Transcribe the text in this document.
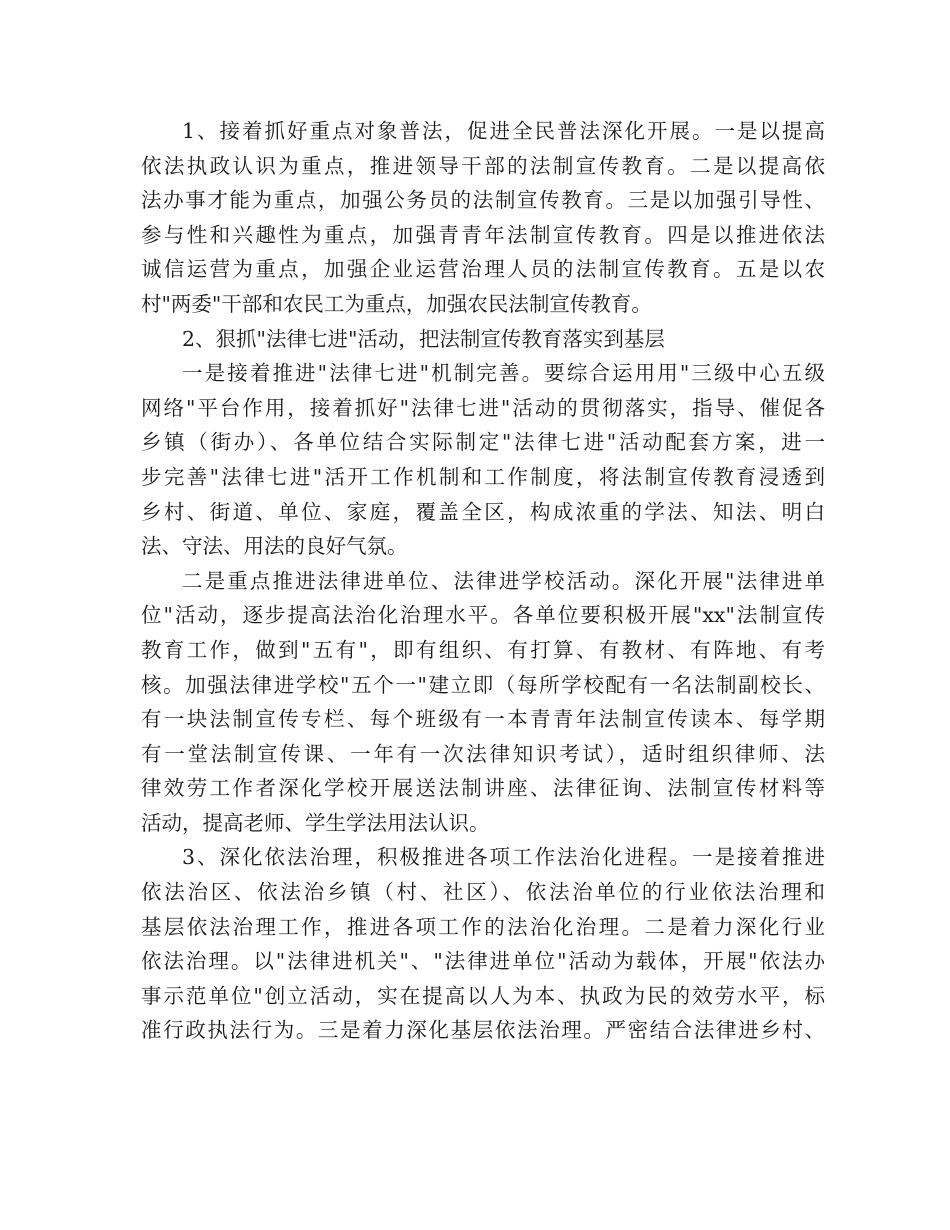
1、接着抓好重点对象普法，促进全民普法深化开展。一是以提高
依法执政认识为重点，推进领导干部的法制宣传教育。二是以提高依
法办事才能为重点，加强公务员的法制宣传教育。三是以加强引导性、
参与性和兴趣性为重点，加强青青年法制宣传教育。四是以推进依法
诚信运营为重点，加强企业运营治理人员的法制宣传教育。五是以农
村"两委"干部和农民工为重点，加强农民法制宣传教育。
2、狠抓"法律七进"活动，把法制宣传教育落实到基层
一是接着推进"法律七进"机制完善。要综合运用用"三级中心五级
网络"平台作用，接着抓好"法律七进"活动的贯彻落实，指导、催促各
乡镇（街办）、各单位结合实际制定"法律七进"活动配套方案，进一
步完善"法律七进"活开工作机制和工作制度，将法制宣传教育浸透到
乡村、街道、单位、家庭，覆盖全区，构成浓重的学法、知法、明白
法、守法、用法的良好气氛。
二是重点推进法律进单位、法律进学校活动。深化开展"法律进单
位"活动，逐步提高法治化治理水平。各单位要积极开展"xx"法制宣传
教育工作，做到"五有"，即有组织、有打算、有教材、有阵地、有考
核。加强法律进学校"五个一"建立即（每所学校配有一名法制副校长、
有一块法制宣传专栏、每个班级有一本青青年法制宣传读本、每学期
有一堂法制宣传课、一年有一次法律知识考试），适时组织律师、法
律效劳工作者深化学校开展送法制讲座、法律征询、法制宣传材料等
活动，提高老师、学生学法用法认识。
3、深化依法治理，积极推进各项工作法治化进程。一是接着推进
依法治区、依法治乡镇（村、社区）、依法治单位的行业依法治理和
基层依法治理工作，推进各项工作的法治化治理。二是着力深化行业
依法治理。以"法律进机关"、"法律进单位"活动为载体，开展"依法办
事示范单位"创立活动，实在提高以人为本、执政为民的效劳水平，标
准行政执法行为。三是着力深化基层依法治理。严密结合法律进乡村、
